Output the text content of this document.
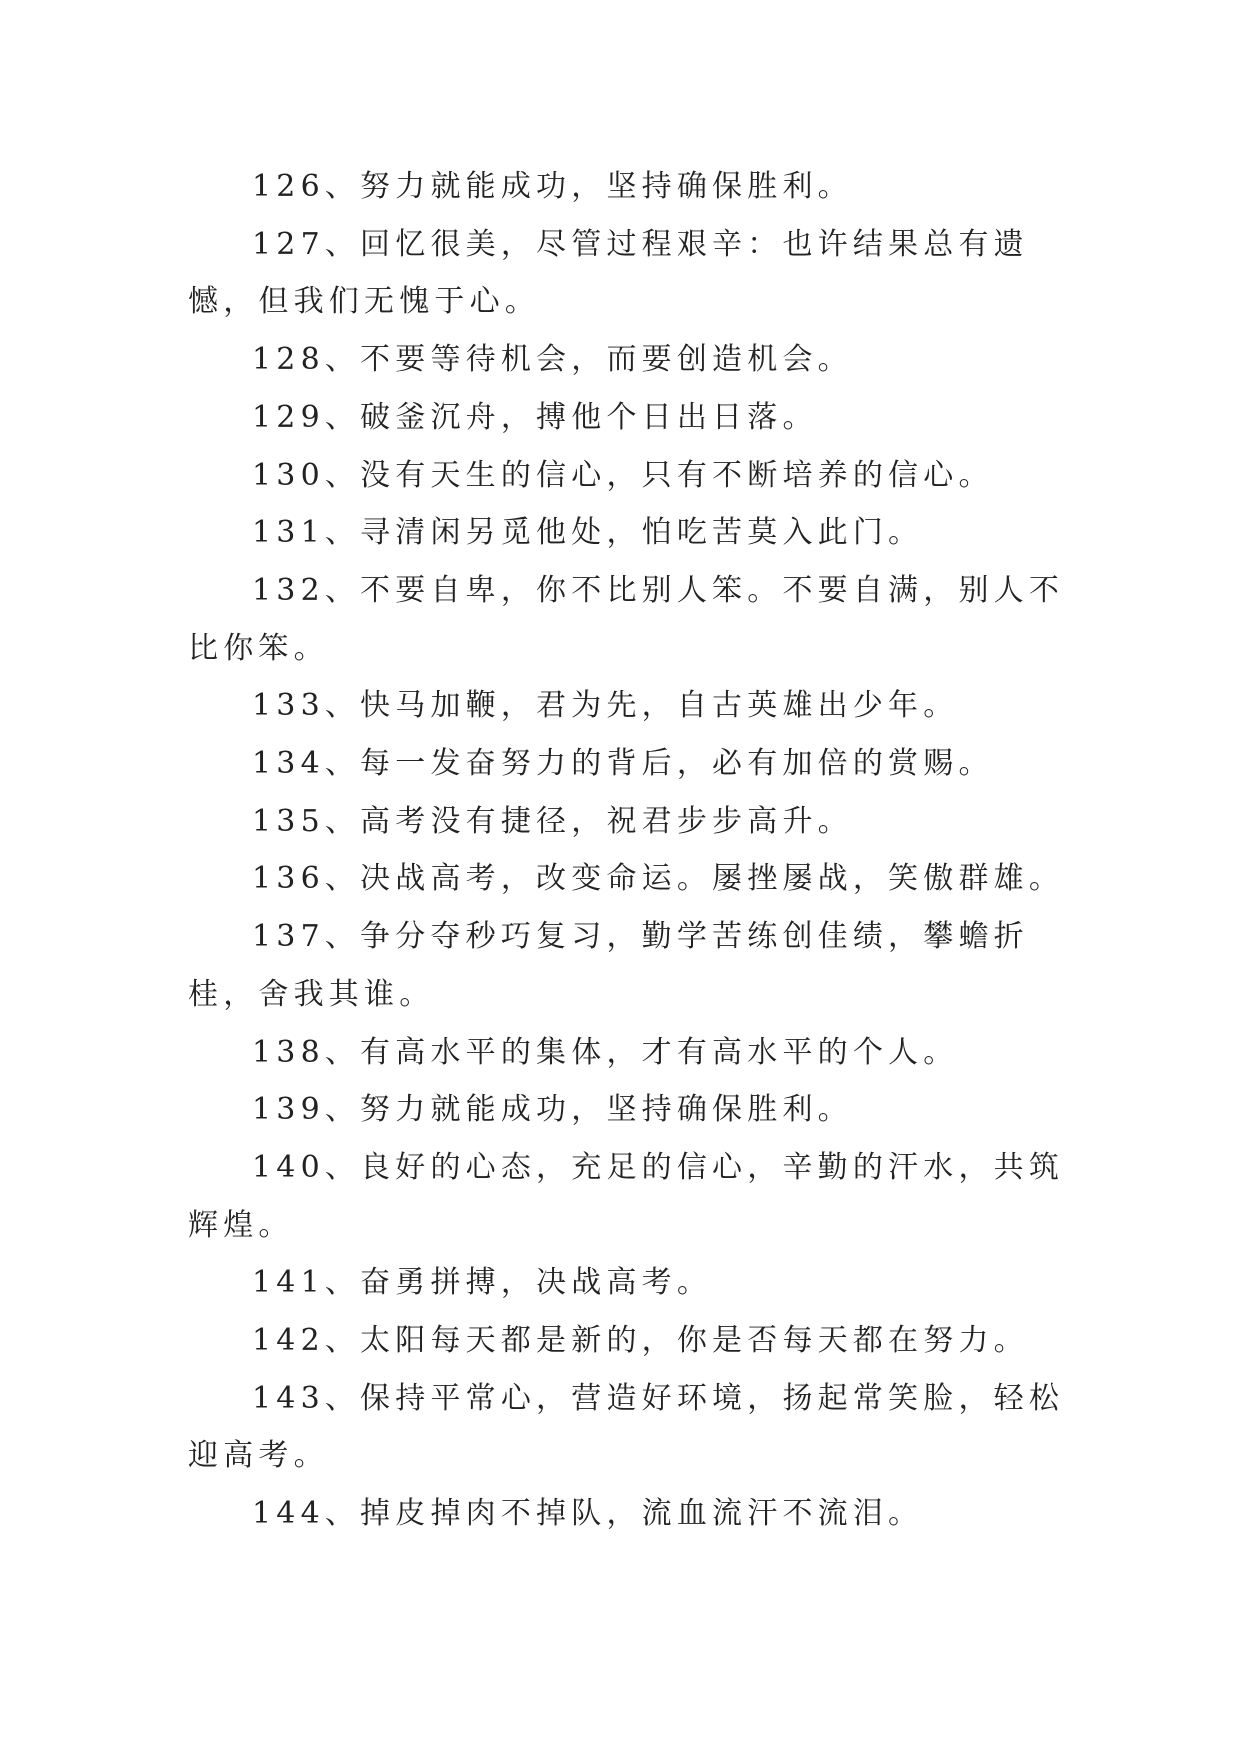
126、努力就能成功，坚持确保胜利。

127、回忆很美，尽管过程艰辛：也许结果总有遗憾，但我们无愧于心。

128、不要等待机会，而要创造机会。

129、破釜沉舟，搏他个日出日落。

130、没有天生的信心，只有不断培养的信心。

131、寻清闲另觅他处，怕吃苦莫入此门。

132、不要自卑，你不比别人笨。不要自满，别人不比你笨。

133、快马加鞭，君为先，自古英雄出少年。

134、每一发奋努力的背后，必有加倍的赏赐。

135、高考没有捷径，祝君步步高升。

136、决战高考，改变命运。屡挫屡战，笑傲群雄。

137、争分夺秒巧复习，勤学苦练创佳绩，攀蟾折桂，舍我其谁。

138、有高水平的集体，才有高水平的个人。

139、努力就能成功，坚持确保胜利。

140、良好的心态，充足的信心，辛勤的汗水，共筑辉煌。

141、奋勇拼搏，决战高考。

142、太阳每天都是新的，你是否每天都在努力。

143、保持平常心，营造好环境，扬起常笑脸，轻松迎高考。

144、掉皮掉肉不掉队，流血流汗不流泪。
